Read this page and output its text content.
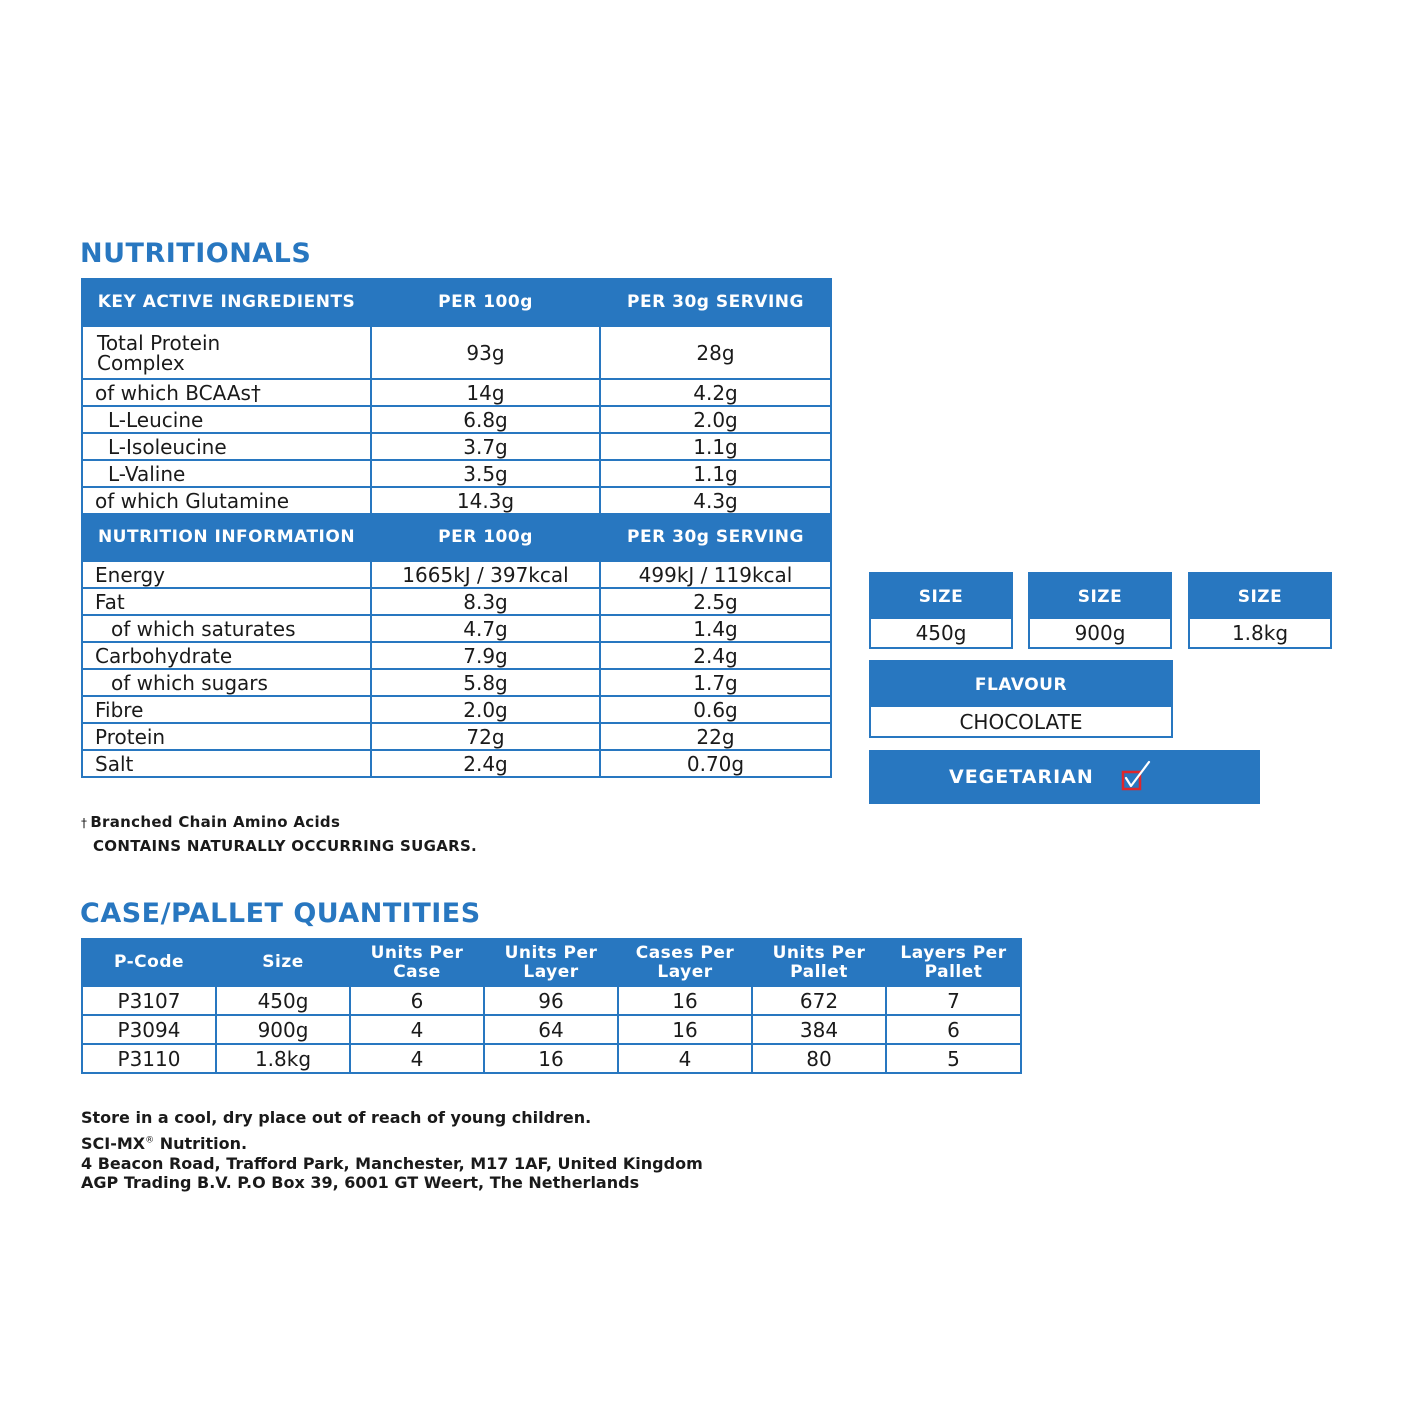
NUTRITIONALS
KEY ACTIVE INGREDIENTS	PER 100g	PER 30g SERVING
Total Protein Complex	93g	28g
of which BCAAs†	14g	4.2g
L-Leucine	6.8g	2.0g
L-Isoleucine	3.7g	1.1g
L-Valine	3.5g	1.1g
of which Glutamine	14.3g	4.3g
NUTRITION INFORMATION	PER 100g	PER 30g SERVING
Energy	1665kJ / 397kcal	499kJ / 119kcal
Fat	8.3g	2.5g
of which saturates	4.7g	1.4g
Carbohydrate	7.9g	2.4g
of which sugars	5.8g	1.7g
Fibre	2.0g	0.6g
Protein	72g	22g
Salt	2.4g	0.70g

† Branched Chain Amino Acids

CONTAINS NATURALLY OCCURRING SUGARS.

SIZE
450g
SIZE
900g
SIZE
1.8kg
FLAVOUR
CHOCOLATE
VEGETARIAN
CASE/PALLET QUANTITIES
P-Code	Size	Units Per Case	Units Per Layer	Cases Per Layer	Units Per Pallet	Layers Per Pallet
P3107	450g	6	96	16	672	7
P3094	900g	4	64	16	384	6
P3110	1.8kg	4	16	4	80	5

Store in a cool, dry place out of reach of young children.

SCI-MX® Nutrition.

4 Beacon Road, Trafford Park, Manchester, M17 1AF, United Kingdom

AGP Trading B.V. P.O Box 39, 6001 GT Weert, The Netherlands
